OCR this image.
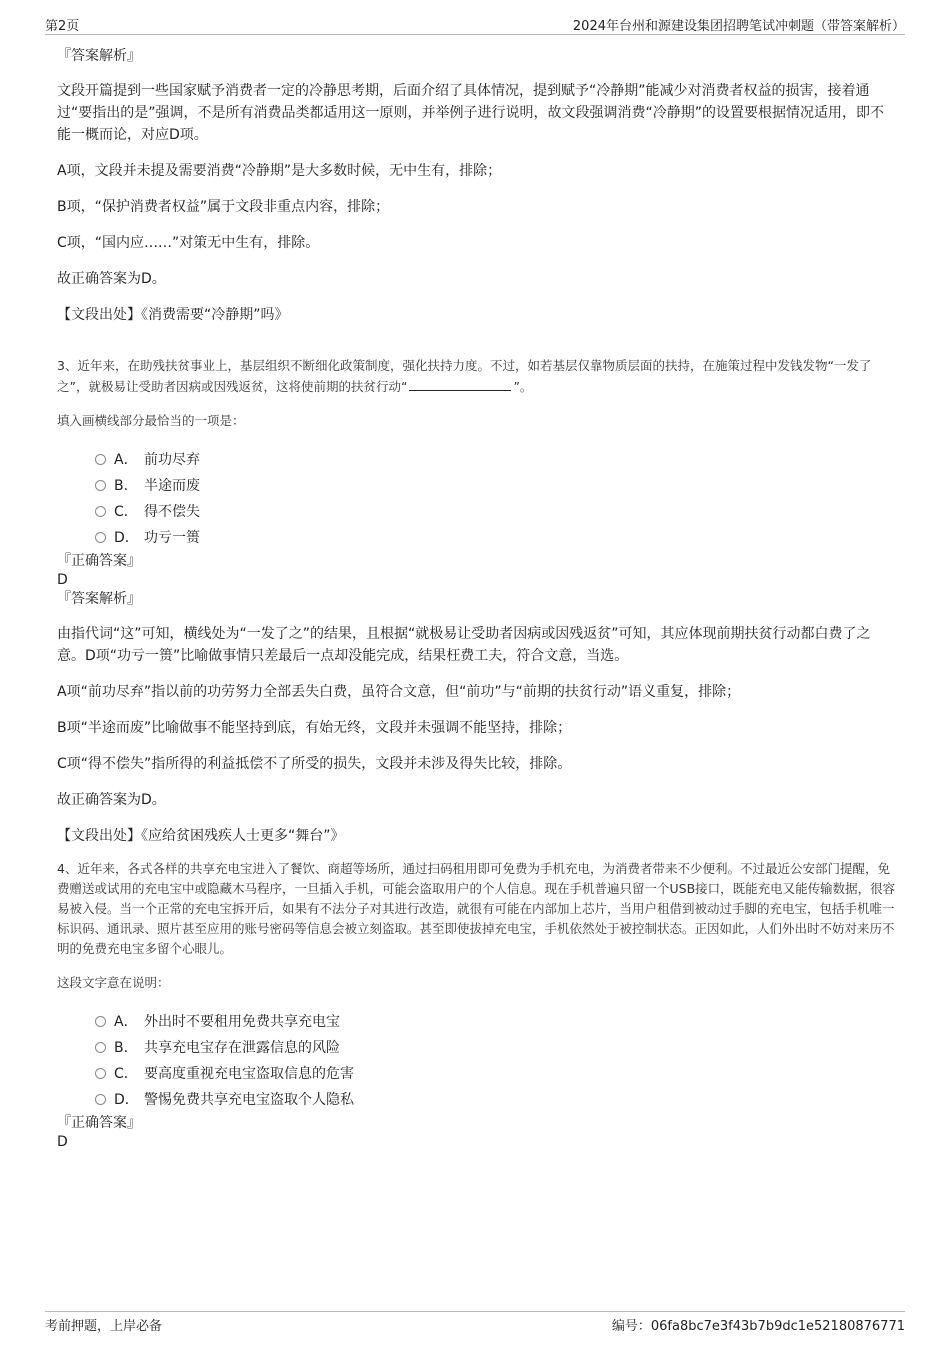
第2页	2024年台州和源建设集团招聘笔试冲刺题（带答案解析）

『答案解析』

文段开篇提到一些国家赋予消费者一定的冷静思考期，后面介绍了具体情况，提到赋予“冷静期”能减少对消费者权益的损害，接着通过“要指出的是”强调，不是所有消费品类都适用这一原则，并举例子进行说明，故文段强调消费“冷静期”的设置要根据情况适用，即不能一概而论，对应D项。

A项，文段并未提及需要消费“冷静期”是大多数时候，无中生有，排除；

B项，“保护消费者权益”属于文段非重点内容，排除；

C项，“国内应……”对策无中生有，排除。

故正确答案为D。

【文段出处】《消费需要“冷静期”吗》

3、近年来，在助残扶贫事业上，基层组织不断细化政策制度，强化扶持力度。不过，如若基层仅靠物质层面的扶持，在施策过程中发钱发物“一发了之”，就极易让受助者因病或因残返贫，这将使前期的扶贫行动“	”。

填入画横线部分最恰当的一项是：

A． 前功尽弃
B． 半途而废
C． 得不偿失
D． 功亏一篑

『正确答案』

D

『答案解析』

由指代词“这”可知，横线处为“一发了之”的结果，且根据“就极易让受助者因病或因残返贫”可知，其应体现前期扶贫行动都白费了之意。D项“功亏一篑”比喻做事情只差最后一点却没能完成，结果枉费工夫，符合文意，当选。

A项“前功尽弃”指以前的功劳努力全部丢失白费，虽符合文意，但“前功”与“前期的扶贫行动”语义重复，排除；

B项“半途而废”比喻做事不能坚持到底，有始无终，文段并未强调不能坚持，排除；

C项“得不偿失”指所得的利益抵偿不了所受的损失，文段并未涉及得失比较，排除。

故正确答案为D。

【文段出处】《应给贫困残疾人士更多“舞台”》

4、近年来，各式各样的共享充电宝进入了餐饮、商超等场所，通过扫码租用即可免费为手机充电，为消费者带来不少便利。不过最近公安部门提醒，免费赠送或试用的充电宝中或隐藏木马程序，一旦插入手机，可能会盗取用户的个人信息。现在手机普遍只留一个USB接口，既能充电又能传输数据，很容易被入侵。当一个正常的充电宝拆开后，如果有不法分子对其进行改造，就很有可能在内部加上芯片，当用户租借到被动过手脚的充电宝，包括手机唯一标识码、通讯录、照片甚至应用的账号密码等信息会被立刻盗取。甚至即使拔掉充电宝，手机依然处于被控制状态。正因如此，人们外出时不妨对来历不明的免费充电宝多留个心眼儿。

这段文字意在说明：

A． 外出时不要租用免费共享充电宝
B． 共享充电宝存在泄露信息的风险
C． 要高度重视充电宝盗取信息的危害
D． 警惕免费共享充电宝盗取个人隐私

『正确答案』

D

考前押题，上岸必备	编号：06fa8bc7e3f43b7b9dc1e52180876771
